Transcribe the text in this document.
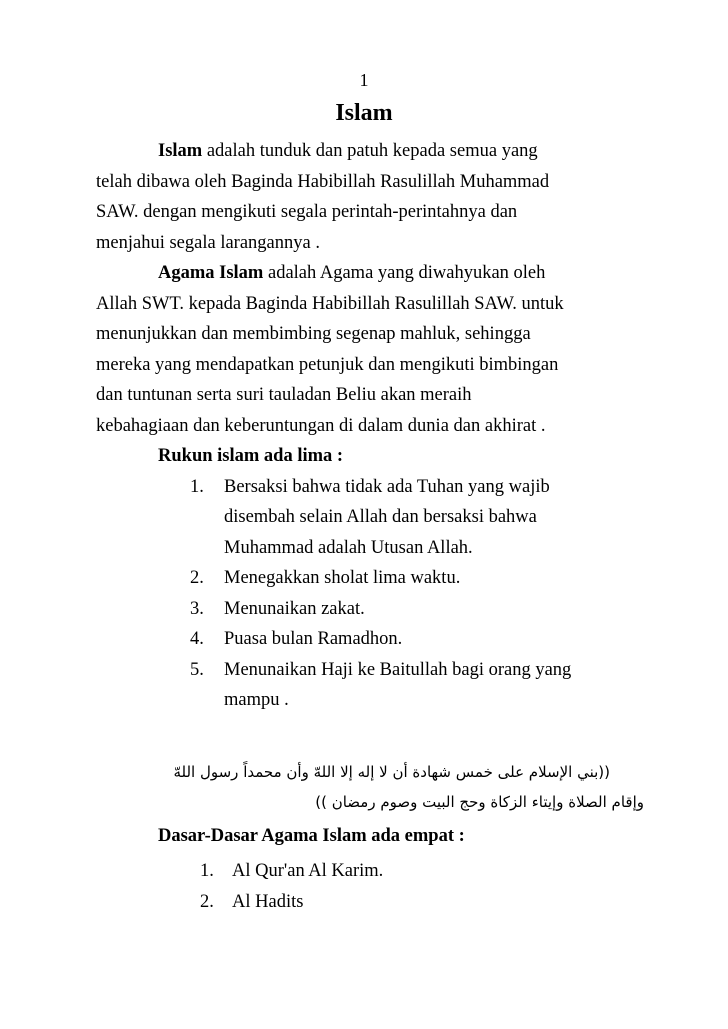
1
Islam

Islam adalah tunduk dan patuh kepada semua yang
telah dibawa oleh Baginda Habibillah Rasulillah Muhammad
SAW. dengan mengikuti segala perintah-perintahnya dan
menjahui segala larangannya .

Agama Islam adalah Agama yang diwahyukan oleh
Allah SWT. kepada Baginda Habibillah Rasulillah SAW. untuk
menunjukkan dan membimbing segenap mahluk, sehingga
mereka yang mendapatkan petunjuk dan mengikuti bimbingan
dan tuntunan serta suri tauladan Beliu akan meraih
kebahagiaan dan keberuntungan di dalam dunia dan akhirat .

Rukun islam ada lima :

1. Bersaksi bahwa tidak ada Tuhan yang wajib
disembah selain Allah dan bersaksi bahwa
Muhammad adalah Utusan Allah.
2. Menegakkan sholat lima waktu.
3. Menunaikan zakat.
4. Puasa bulan Ramadhon.
5. Menunaikan Haji ke Baitullah bagi orang yang
mampu .
((بني الإسلام على خمس شهادة أن لا إله إلا اللهّ وأن محمداً رسول اللهّ
وإقام الصلاة وإيتاء الزكاة وحج البيت وصوم رمضان ))
Dasar-Dasar Agama Islam ada empat :
1. Al Qur'an Al Karim.
2. Al Hadits
